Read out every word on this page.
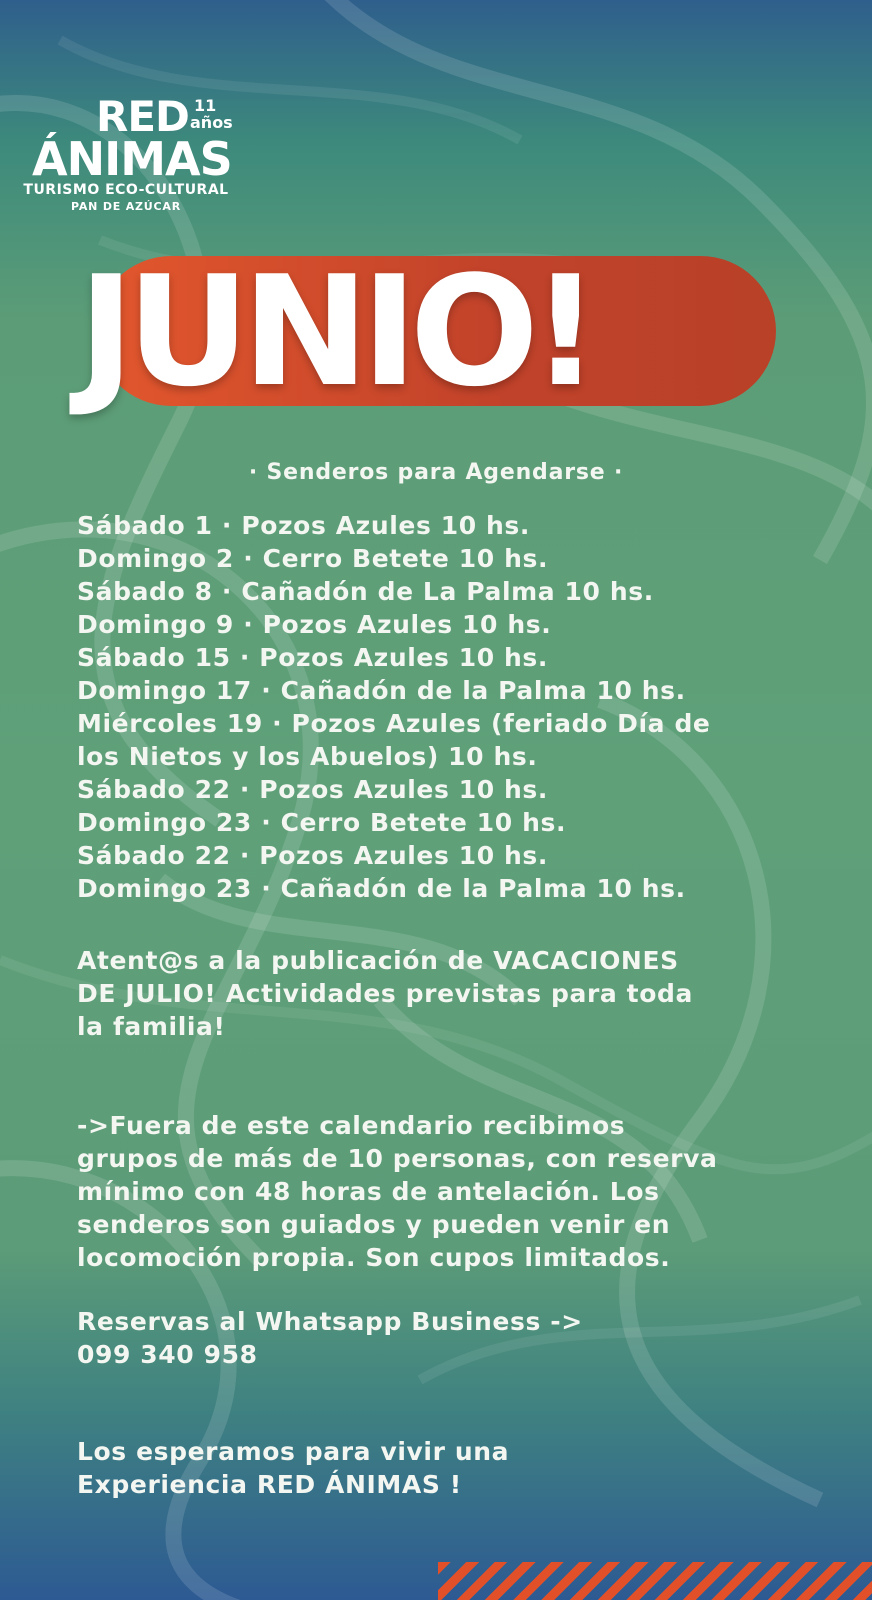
RED 11
años
ÁNIMAS
TURISMO ECO-CULTURAL
PAN DE AZÚCAR
JUNIO!
· Senderos para Agendarse ·
Sábado 1 · Pozos Azules 10 hs.
Domingo 2 · Cerro Betete 10 hs.
Sábado 8 · Cañadón de La Palma 10 hs.
Domingo 9 · Pozos Azules 10 hs.
Sábado 15 · Pozos Azules 10 hs.
Domingo 17 · Cañadón de la Palma 10 hs.
Miércoles 19 · Pozos Azules (feriado Día de
los Nietos y los Abuelos) 10 hs.
Sábado 22 · Pozos Azules 10 hs.
Domingo 23 · Cerro Betete 10 hs.
Sábado 22 · Pozos Azules 10 hs.
Domingo 23 · Cañadón de la Palma 10 hs.
Atent@s a la publicación de VACACIONES
DE JULIO! Actividades previstas para toda
la familia!
->Fuera de este calendario recibimos
grupos de más de 10 personas, con reserva
mínimo con 48 horas de antelación. Los
senderos son guiados y pueden venir en
locomoción propia. Son cupos limitados.
Reservas al Whatsapp Business ->
099 340 958
Los esperamos para vivir una
Experiencia RED ÁNIMAS !
